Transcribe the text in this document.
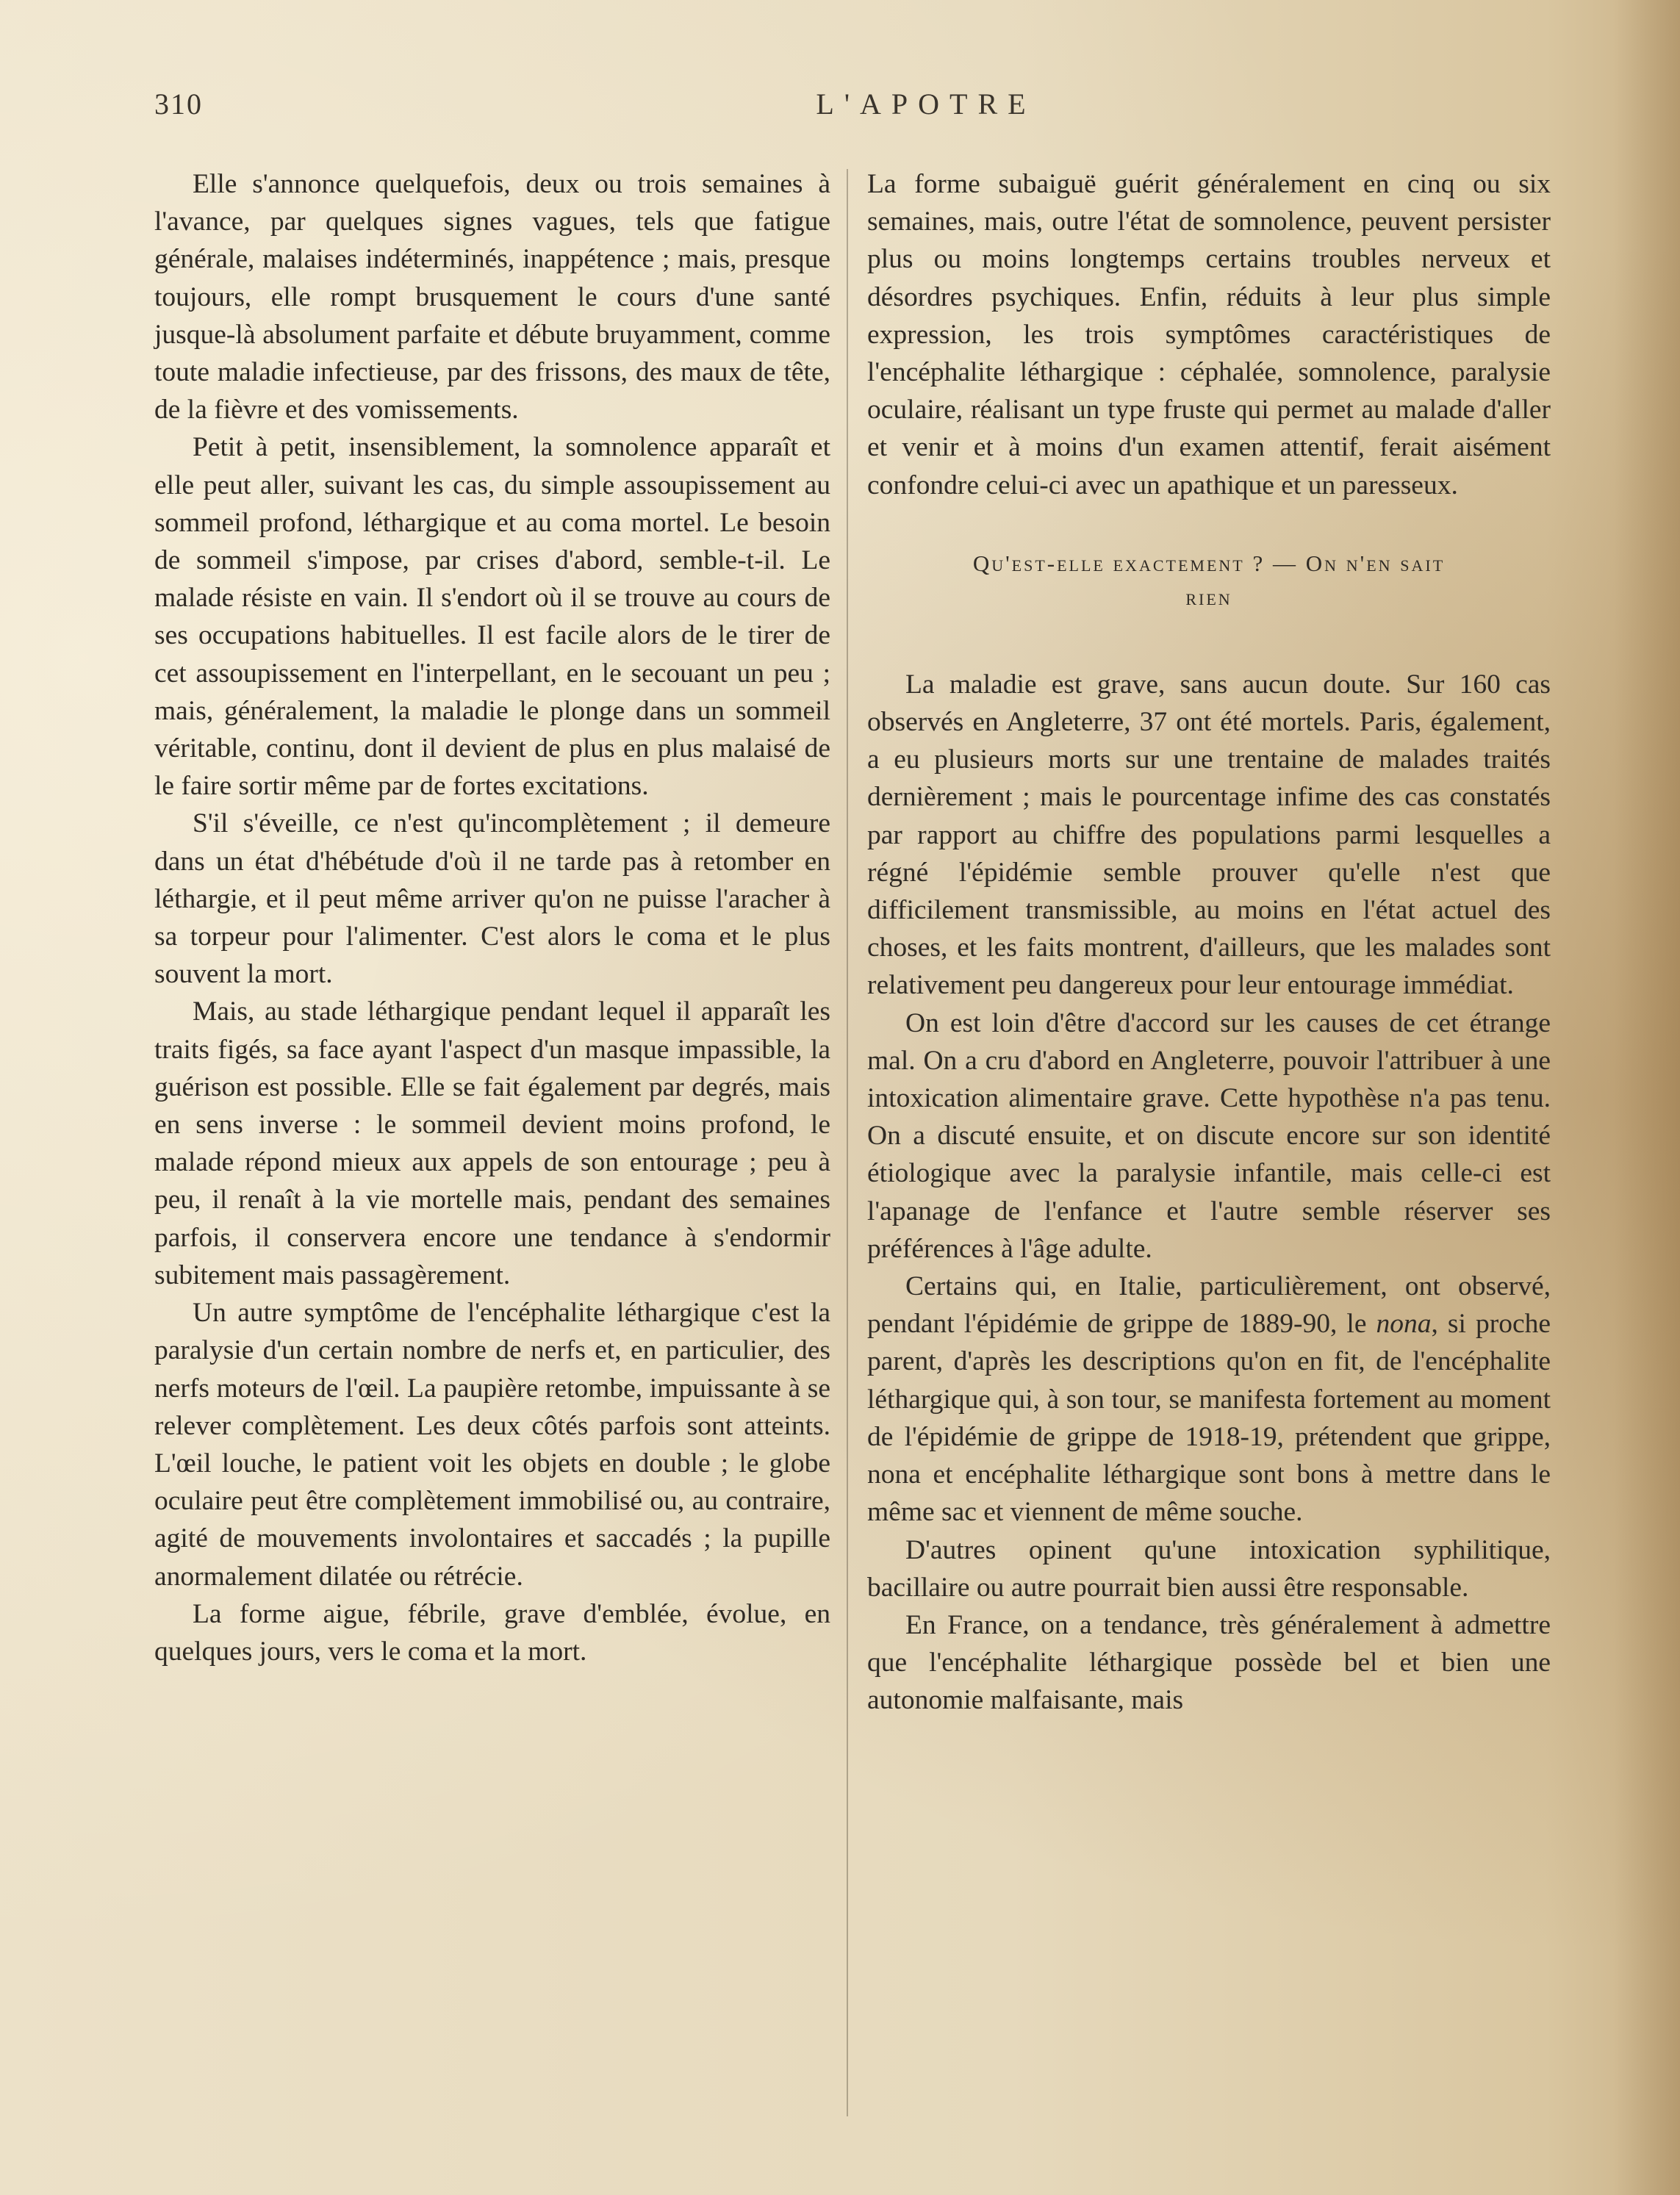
310	L'APOTRE

Elle s'annonce quelquefois, deux ou trois semaines à l'avance, par quelques signes vagues, tels que fatigue générale, malaises indéterminés, inappétence ; mais, presque toujours, elle rompt brusquement le cours d'une santé jusque-là absolument parfaite et débute bruyamment, comme toute maladie infectieuse, par des frissons, des maux de tête, de la fièvre et des vomissements.

Petit à petit, insensiblement, la somnolence apparaît et elle peut aller, suivant les cas, du simple assoupissement au sommeil profond, léthargique et au coma mortel. Le besoin de sommeil s'impose, par crises d'abord, semble-t-il. Le malade résiste en vain. Il s'endort où il se trouve au cours de ses occupations habituelles. Il est facile alors de le tirer de cet assoupissement en l'interpellant, en le secouant un peu ; mais, généralement, la maladie le plonge dans un sommeil véritable, continu, dont il devient de plus en plus malaisé de le faire sortir même par de fortes excitations.

S'il s'éveille, ce n'est qu'incomplètement ; il demeure dans un état d'hébétude d'où il ne tarde pas à retomber en léthargie, et il peut même arriver qu'on ne puisse l'aracher à sa torpeur pour l'alimenter. C'est alors le coma et le plus souvent la mort.

Mais, au stade léthargique pendant lequel il apparaît les traits figés, sa face ayant l'aspect d'un masque impassible, la guérison est possible. Elle se fait également par degrés, mais en sens inverse : le sommeil devient moins profond, le malade répond mieux aux appels de son entourage ; peu à peu, il renaît à la vie mortelle mais, pendant des semaines parfois, il conservera encore une tendance à s'endormir subitement mais passagèrement.

Un autre symptôme de l'encéphalite léthargique c'est la paralysie d'un certain nombre de nerfs et, en particulier, des nerfs moteurs de l'œil. La paupière retombe, impuissante à se relever complètement. Les deux côtés parfois sont atteints. L'œil louche, le patient voit les objets en double ; le globe oculaire peut être complètement immobilisé ou, au contraire, agité de mouvements involontaires et saccadés ; la pupille anormalement dilatée ou rétrécie.

La forme aigue, fébrile, grave d'emblée, évolue, en quelques jours, vers le coma et la mort.

La forme subaiguë guérit généralement en cinq ou six semaines, mais, outre l'état de somnolence, peuvent persister plus ou moins longtemps certains troubles nerveux et désordres psychiques. Enfin, réduits à leur plus simple expression, les trois symptômes caractéristiques de l'encéphalite léthargique : céphalée, somnolence, paralysie oculaire, réalisant un type fruste qui permet au malade d'aller et venir et à moins d'un examen attentif, ferait aisément confondre celui-ci avec un apathique et un paresseux.

Qu'est-elle exactement ? — On n'en sait
rien

La maladie est grave, sans aucun doute. Sur 160 cas observés en Angleterre, 37 ont été mortels. Paris, également, a eu plusieurs morts sur une trentaine de malades traités dernièrement ; mais le pourcentage infime des cas constatés par rapport au chiffre des populations parmi lesquelles a régné l'épidémie semble prouver qu'elle n'est que difficilement transmissible, au moins en l'état actuel des choses, et les faits montrent, d'ailleurs, que les malades sont relativement peu dangereux pour leur entourage immédiat.

On est loin d'être d'accord sur les causes de cet étrange mal. On a cru d'abord en Angleterre, pouvoir l'attribuer à une intoxication alimentaire grave. Cette hypothèse n'a pas tenu. On a discuté ensuite, et on discute encore sur son identité étiologique avec la paralysie infantile, mais celle-ci est l'apanage de l'enfance et l'autre semble réserver ses préférences à l'âge adulte.

Certains qui, en Italie, particulièrement, ont observé, pendant l'épidémie de grippe de 1889-90, le nona, si proche parent, d'après les descriptions qu'on en fit, de l'encéphalite léthargique qui, à son tour, se manifesta fortement au moment de l'épidémie de grippe de 1918-19, prétendent que grippe, nona et encéphalite léthargique sont bons à mettre dans le même sac et viennent de même souche.

D'autres opinent qu'une intoxication syphilitique, bacillaire ou autre pourrait bien aussi être responsable.

En France, on a tendance, très généralement à admettre que l'encéphalite léthargique possède bel et bien une autonomie malfaisante, mais
